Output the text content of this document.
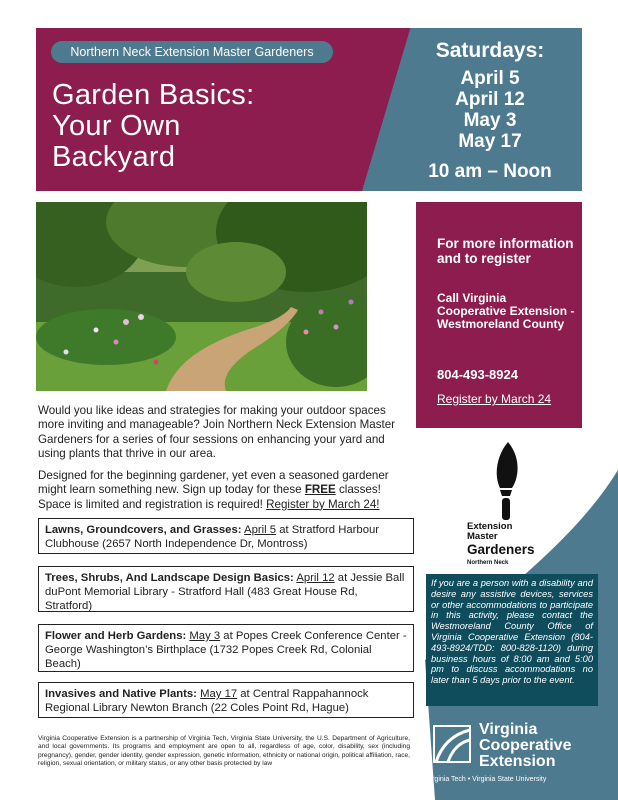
Northern Neck Extension Master Gardeners
Garden Basics:
Your Own
Backyard
Saturdays:
April 5
April 12
May 3
May 17
10 am – Noon
For more information and to register
Call Virginia Cooperative Extension - Westmoreland County
804-493-8924
Register by March 24
Would you like ideas and strategies for making your outdoor spaces more inviting and manageable? Join Northern Neck Extension Master Gardeners for a series of four sessions on enhancing your yard and using plants that thrive in our area.
Designed for the beginning gardener, yet even a seasoned gardener might learn something new. Sign up today for these FREE classes! Space is limited and registration is required! Register by March 24!
Lawns, Groundcovers, and Grasses: April 5 at Stratford Harbour Clubhouse (2657 North Independence Dr, Montross)
Trees, Shrubs, And Landscape Design Basics: April 12 at Jessie Ball duPont Memorial Library - Stratford Hall (483 Great House Rd, Stratford)
Flower and Herb Gardens: May 3 at Popes Creek Conference Center - George Washington’s Birthplace (1732 Popes Creek Rd, Colonial Beach)
Invasives and Native Plants: May 17 at Central Rappahannock Regional Library Newton Branch (22 Coles Point Rd, Hague)
Extension
Master
Gardeners
Northern Neck
If you are a person with a disability and desire any assistive devices, services or other accommodations to participate in this activity, please contact the Westmoreland County Office of Virginia Cooperative Extension (804-493-8924/TDD: 800-828-1120) during business hours of 8:00 am and 5:00 pm to discuss accommodations no later than 5 days prior to the event.
Virginia Cooperative Extension is a partnership of Virginia Tech, Virginia State University, the U.S. Department of Agriculture, and local governments. Its programs and employment are open to all, regardless of age, color, disability, sex (including pregnancy), gender, gender identity, gender expression, genetic information, ethnicity or national origin, political affiliation, race, religion, sexual orientation, or military status, or any other basis protected by law
Virginia
Cooperative
Extension
Virginia Tech • Virginia State University
